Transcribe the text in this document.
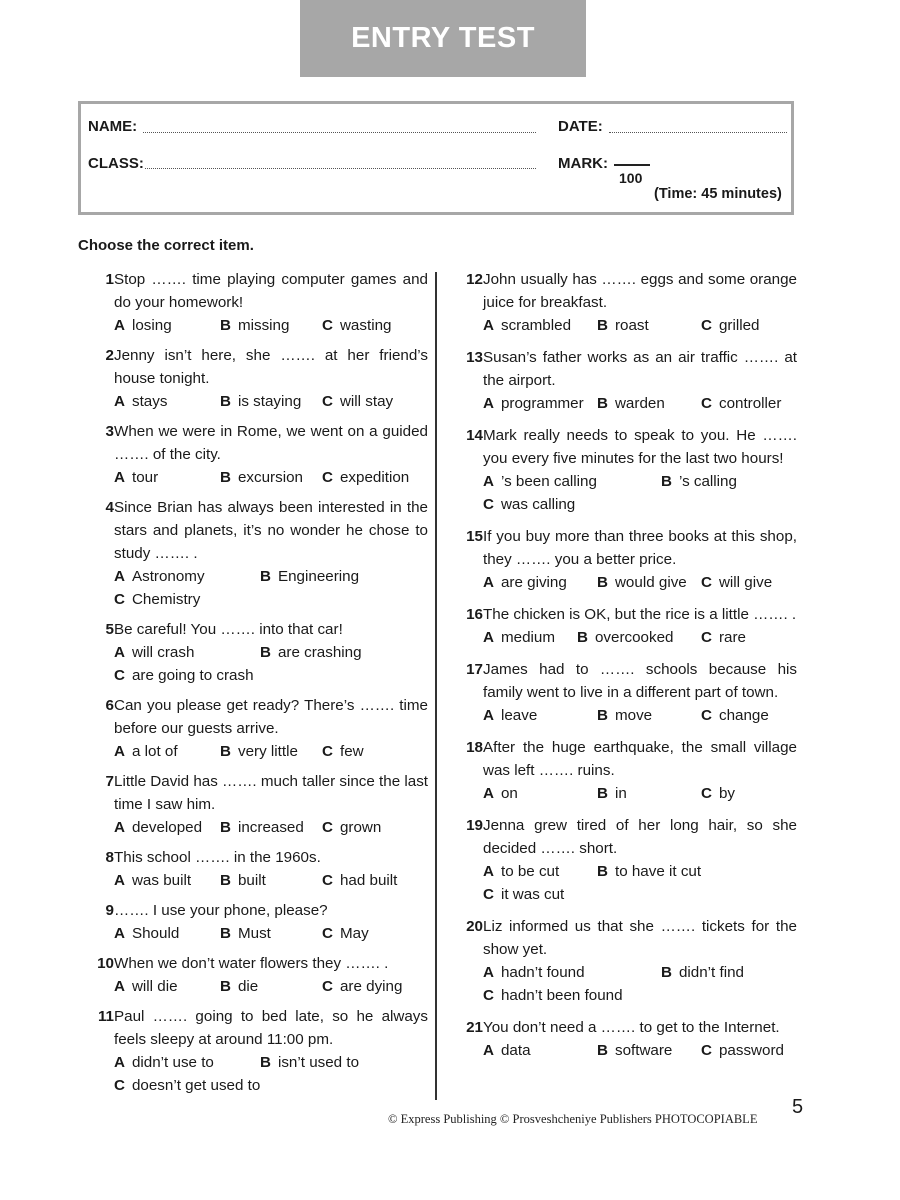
ENTRY TEST
NAME:	DATE:
CLASS:	MARK:
100
(Time: 45 minutes)
Choose the correct item.
1 Stop ……. time playing computer games and do your homework!
A losing	B missing C wasting
2 Jenny isn’t here, she ……. at her friend’s house tonight.
A stays	B is staying C will stay
3 When we were in Rome, we went on a guided ……. of the city.
A tour	B excursion C expedition
4 Since Brian has always been interested in the stars and planets, it’s no wonder he chose to study ……. .
A Astronomy	B Engineering
C Chemistry
5 Be careful! You ……. into that car!
A will crash	B are crashing
C are going to crash
6 Can you please get ready? There’s ……. time before our guests arrive.
A a lot of	B very little C few
7 Little David has ……. much taller since the last time I saw him.
A developed B increased C grown
8 This school ……. in the 1960s.
A was built B built	C had built
9 ……. I use your phone, please?
A Should	B Must	C May
10 When we don’t water flowers they ……. .
A will die	B die	C are dying
11 Paul ……. going to bed late, so he always feels sleepy at around 11:00 pm.
A didn’t use to	B isn’t used to
C doesn’t get used to
12 John usually has ……. eggs and some orange juice for breakfast.
A scrambled B roast	C grilled
13 Susan’s father works as an air traffic ……. at the airport.
A programmer B warden C controller
14 Mark really needs to speak to you. He ……. you every five minutes for the last two hours!
A ’s been calling	B ’s calling
C was calling
15 If you buy more than three books at this shop, they ……. you a better price.
A are giving B would give C will give
16 The chicken is OK, but the rice is a little ……. .
A medium B overcooked C rare
17 James had to ……. schools because his family went to live in a different part of town.
A leave	B move	C change
18 After the huge earthquake, the small village was left ……. ruins.
A on	B in	C by
19 Jenna grew tired of her long hair, so she decided ……. short.
A to be cut B to have it cut
C it was cut
20 Liz informed us that she ……. tickets for the show yet.
A hadn’t found	B didn’t find
C hadn’t been found
21 You don’t need a ……. to get to the Internet.
A data	B software C password
© Express Publishing © Prosveshcheniye Publishers PHOTOCOPIABLE
5
